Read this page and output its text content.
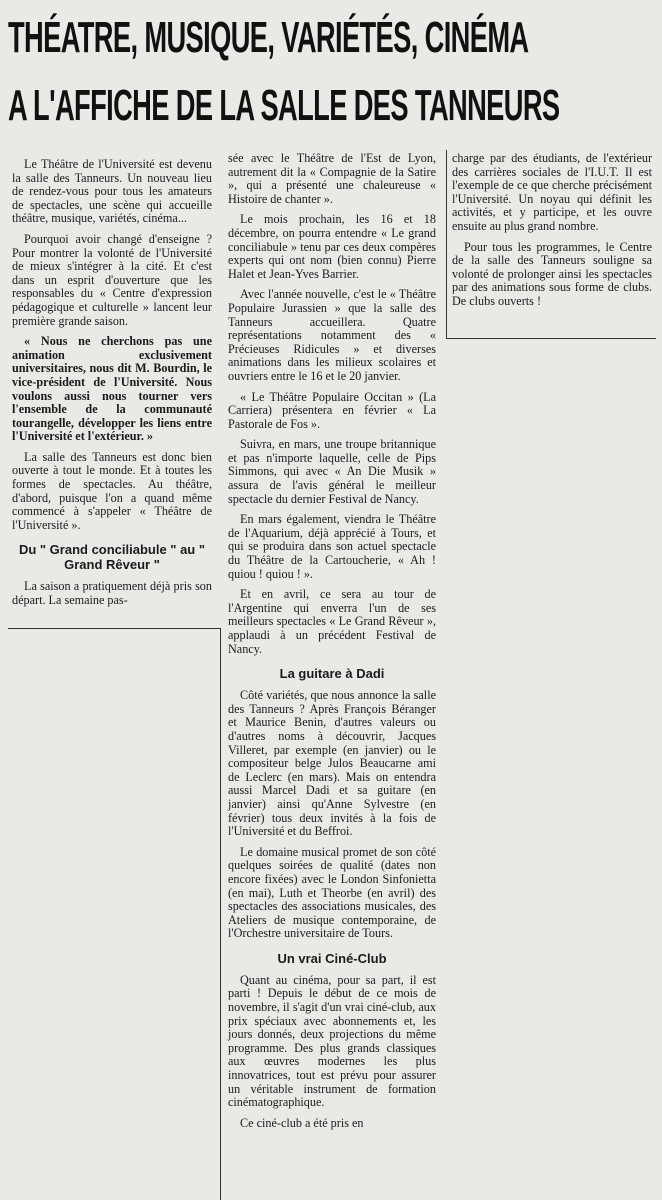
THÉATRE, MUSIQUE, VARIÉTÉS, CINÉMA
A L'AFFICHE DE LA SALLE DES TANNEURS

Le Théâtre de l'Université est devenu la salle des Tanneurs. Un nouveau lieu de rendez-vous pour tous les amateurs de spectacles, une scène qui accueille théâtre, musique, variétés, cinéma...

Pourquoi avoir changé d'enseigne ? Pour montrer la volonté de l'Université de mieux s'intégrer à la cité. Et c'est dans un esprit d'ouverture que les responsables du « Centre d'expression pédagogique et culturelle » lancent leur première grande saison.

« Nous ne cherchons pas une animation exclusivement universitaires, nous dit M. Bourdin, le vice-président de l'Université. Nous voulons aussi nous tourner vers l'ensemble de la communauté tourangelle, développer les liens entre l'Université et l'extérieur. »

La salle des Tanneurs est donc bien ouverte à tout le monde. Et à toutes les formes de spectacles. Au théâtre, d'abord, puisque l'on a quand même commencé à s'appeler « Théâtre de l'Université ».

Du " Grand conciliabule " au " Grand Rêveur "

La saison a pratiquement déjà pris son départ. La semaine pas-

sée avec le Théâtre de l'Est de Lyon, autrement dit la « Compagnie de la Satire », qui a présenté une chaleureuse « Histoire de chanter ».

Le mois prochain, les 16 et 18 décembre, on pourra entendre « Le grand conciliabule » tenu par ces deux compères experts qui ont nom (bien connu) Pierre Halet et Jean-Yves Barrier.

Avec l'année nouvelle, c'est le « Théâtre Populaire Jurassien » que la salle des Tanneurs accueillera. Quatre représentations notamment des « Précieuses Ridicules » et diverses animations dans les milieux scolaires et ouvriers entre le 16 et le 20 janvier.

« Le Théâtre Populaire Occitan » (La Carriera) présentera en février « La Pastorale de Fos ».

Suivra, en mars, une troupe britannique et pas n'importe laquelle, celle de Pips Simmons, qui avec « An Die Musik » assura de l'avis général le meilleur spectacle du dernier Festival de Nancy.

En mars également, viendra le Théâtre de l'Aquarium, déjà apprécié à Tours, et qui se produira dans son actuel spectacle du Théâtre de la Cartoucherie, « Ah ! quiou ! quiou ! ».

Et en avril, ce sera au tour de l'Argentine qui enverra l'un de ses meilleurs spectacles « Le Grand Rêveur », applaudi à un précédent Festival de Nancy.

La guitare à Dadi

Côté variétés, que nous annonce la salle des Tanneurs ? Après François Béranger et Maurice Benin, d'autres valeurs ou d'autres noms à découvrir, Jacques Villeret, par exemple (en janvier) ou le compositeur belge Julos Beaucarne ami de Leclerc (en mars). Mais on entendra aussi Marcel Dadi et sa guitare (en janvier) ainsi qu'Anne Sylvestre (en février) tous deux invités à la fois de l'Université et du Beffroi.

Le domaine musical promet de son côté quelques soirées de qualité (dates non encore fixées) avec le London Sinfonietta (en mai), Luth et Theorbe (en avril) des spectacles des associations musicales, des Ateliers de musique contemporaine, de l'Orchestre universitaire de Tours.

Un vrai Ciné-Club

Quant au cinéma, pour sa part, il est parti ! Depuis le début de ce mois de novembre, il s'agit d'un vrai ciné-club, aux prix spéciaux avec abonnements et, les jours donnés, deux projections du même programme. Des plus grands classiques aux œuvres modernes les plus innovatrices, tout est prévu pour assurer un véritable instrument de formation cinématographique.

Ce ciné-club a été pris en

charge par des étudiants, de l'extérieur des carrières sociales de l'I.U.T. Il est l'exemple de ce que cherche précisément l'Université. Un noyau qui définit les activités, et y participe, et les ouvre ensuite au plus grand nombre.

Pour tous les programmes, le Centre de la salle des Tanneurs souligne sa volonté de prolonger ainsi les spectacles par des animations sous forme de clubs. De clubs ouverts !
